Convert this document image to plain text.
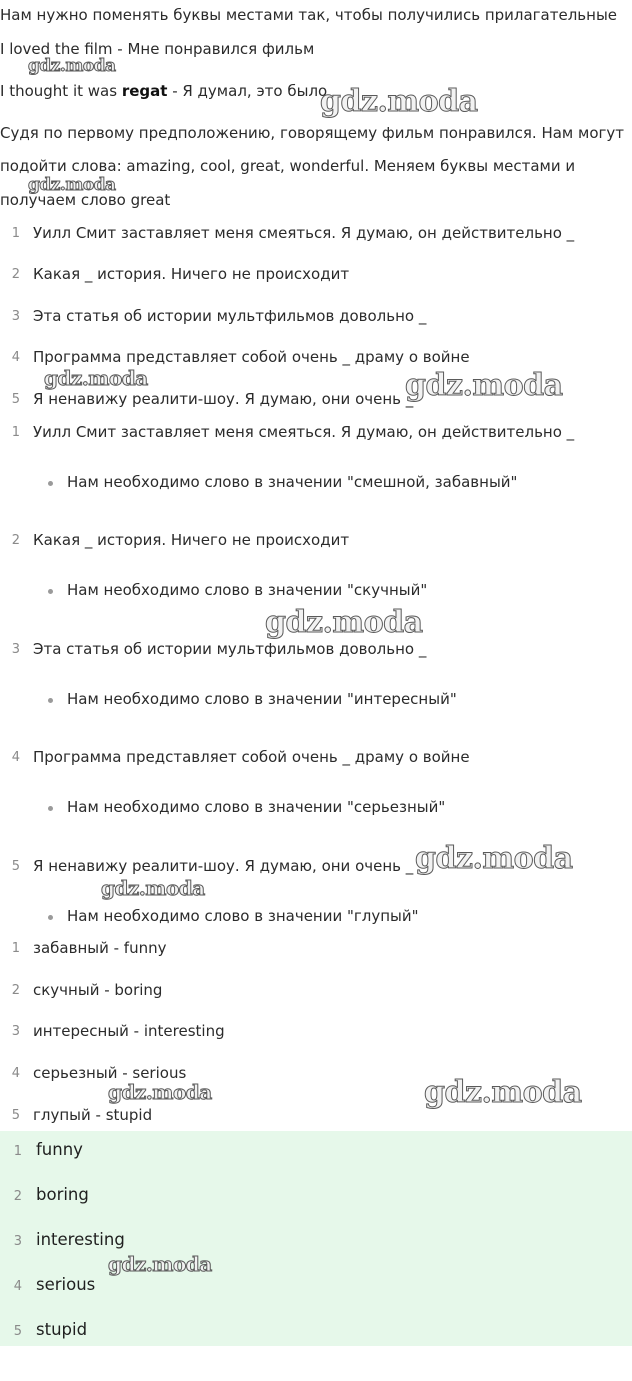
Нам нужно поменять буквы местами так, чтобы получились прилагательные
I loved the film - Мне понравился фильм
I thought it was regat - Я думал, это было
Судя по первому предположению, говорящему фильм понравился. Нам могут
подойти слова: amazing, cool, great, wonderful. Меняем буквы местами и
получаем слово great
1 Уилл Смит заставляет меня смеяться. Я думаю, он действительно _
2 Какая _ история. Ничего не происходит
3 Эта статья об истории мультфильмов довольно _
4 Программа представляет собой очень _ драму о войне
5 Я ненавижу реалити-шоу. Я думаю, они очень _
1 Уилл Смит заставляет меня смеяться. Я думаю, он действительно _
Нам необходимо слово в значении "смешной, забавный"
2 Какая _ история. Ничего не происходит
Нам необходимо слово в значении "скучный"
3 Эта статья об истории мультфильмов довольно _
Нам необходимо слово в значении "интересный"
4 Программа представляет собой очень _ драму о войне
Нам необходимо слово в значении "серьезный"
5 Я ненавижу реалити-шоу. Я думаю, они очень _
Нам необходимо слово в значении "глупый"
1 забавный - funny
2 скучный - boring
3 интересный - interesting
4 серьезный - serious
5 глупый - stupid
1 funny
2 boring
3 interesting
4 serious
5 stupid
gdz.moda
gdz.moda
gdz.moda
gdz.moda	gdz.moda
gdz.moda
gdz.moda
gdz.moda
gdz.moda	gdz.moda
gdz.moda
